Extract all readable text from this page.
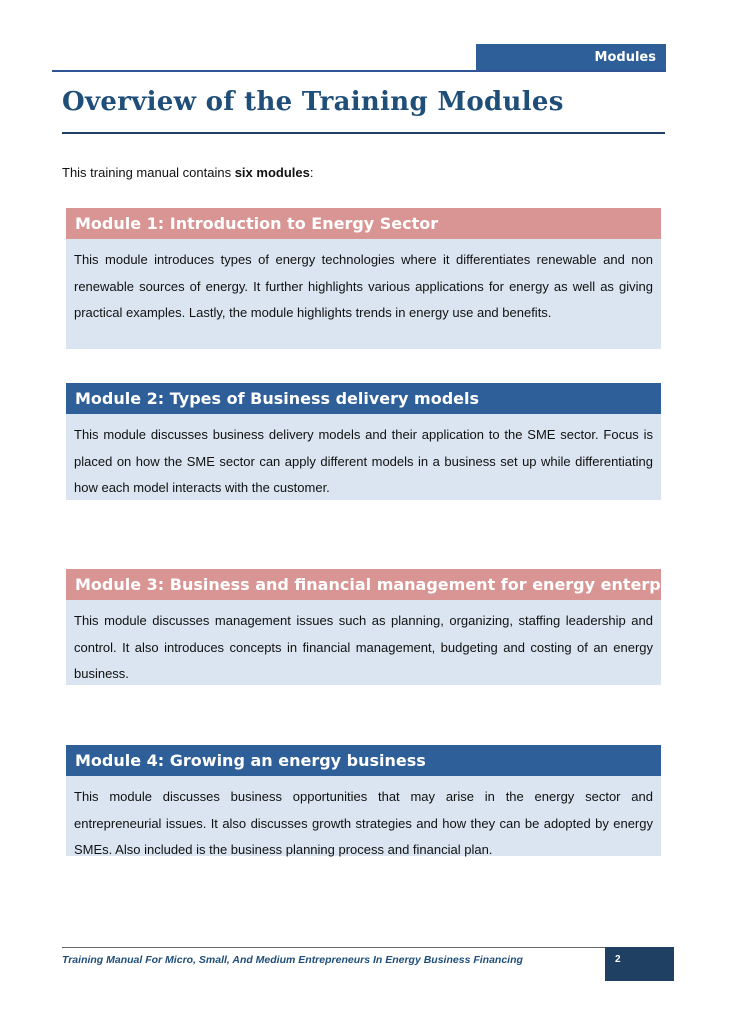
Modules
Overview of the Training Modules

This training manual contains six modules:

Module 1: Introduction to Energy Sector

This module introduces types of energy technologies where it differentiates renewable and non renewable sources of energy. It further highlights various applications for energy as well as giving practical examples. Lastly, the module highlights trends in energy use and benefits.

Module 2: Types of Business delivery models

This module discusses business delivery models and their application to the SME sector. Focus is placed on how the SME sector can apply different models in a business set up while differentiating how each model interacts with the customer.

Module 3: Business and financial management for energy enterprises

This module discusses management issues such as planning, organizing, staffing leadership and control. It also introduces concepts in financial management, budgeting and costing of an energy business.

Module 4: Growing an energy business

This module discusses business opportunities that may arise in the energy sector and entrepreneurial issues. It also discusses growth strategies and how they can be adopted by energy SMEs. Also included is the business planning process and financial plan.

Training Manual For Micro, Small, And Medium Entrepreneurs In Energy Business Financing	2
